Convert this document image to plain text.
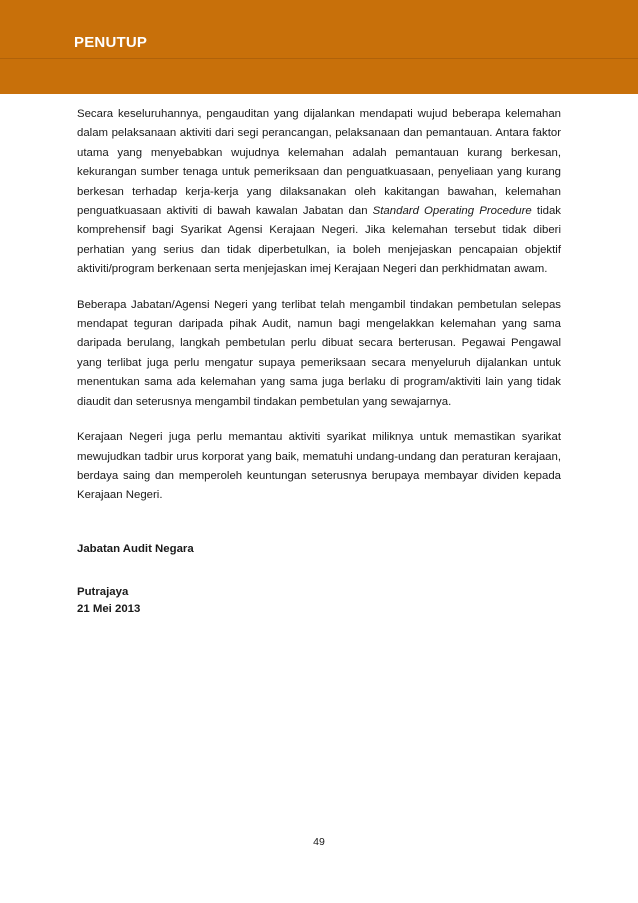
PENUTUP

Secara keseluruhannya, pengauditan yang dijalankan mendapati wujud beberapa kelemahan dalam pelaksanaan aktiviti dari segi perancangan, pelaksanaan dan pemantauan. Antara faktor utama yang menyebabkan wujudnya kelemahan adalah pemantauan kurang berkesan, kekurangan sumber tenaga untuk pemeriksaan dan penguatkuasaan, penyeliaan yang kurang berkesan terhadap kerja-kerja yang dilaksanakan oleh kakitangan bawahan, kelemahan penguatkuasaan aktiviti di bawah kawalan Jabatan dan Standard Operating Procedure tidak komprehensif bagi Syarikat Agensi Kerajaan Negeri. Jika kelemahan tersebut tidak diberi perhatian yang serius dan tidak diperbetulkan, ia boleh menjejaskan pencapaian objektif aktiviti/program berkenaan serta menjejaskan imej Kerajaan Negeri dan perkhidmatan awam.

Beberapa Jabatan/Agensi Negeri yang terlibat telah mengambil tindakan pembetulan selepas mendapat teguran daripada pihak Audit, namun bagi mengelakkan kelemahan yang sama daripada berulang, langkah pembetulan perlu dibuat secara berterusan. Pegawai Pengawal yang terlibat juga perlu mengatur supaya pemeriksaan secara menyeluruh dijalankan untuk menentukan sama ada kelemahan yang sama juga berlaku di program/aktiviti lain yang tidak diaudit dan seterusnya mengambil tindakan pembetulan yang sewajarnya.

Kerajaan Negeri juga perlu memantau aktiviti syarikat miliknya untuk memastikan syarikat mewujudkan tadbir urus korporat yang baik, mematuhi undang-undang dan peraturan kerajaan, berdaya saing dan memperoleh keuntungan seterusnya berupaya membayar dividen kepada Kerajaan Negeri.

Jabatan Audit Negara

Putrajaya

21 Mei 2013

49
